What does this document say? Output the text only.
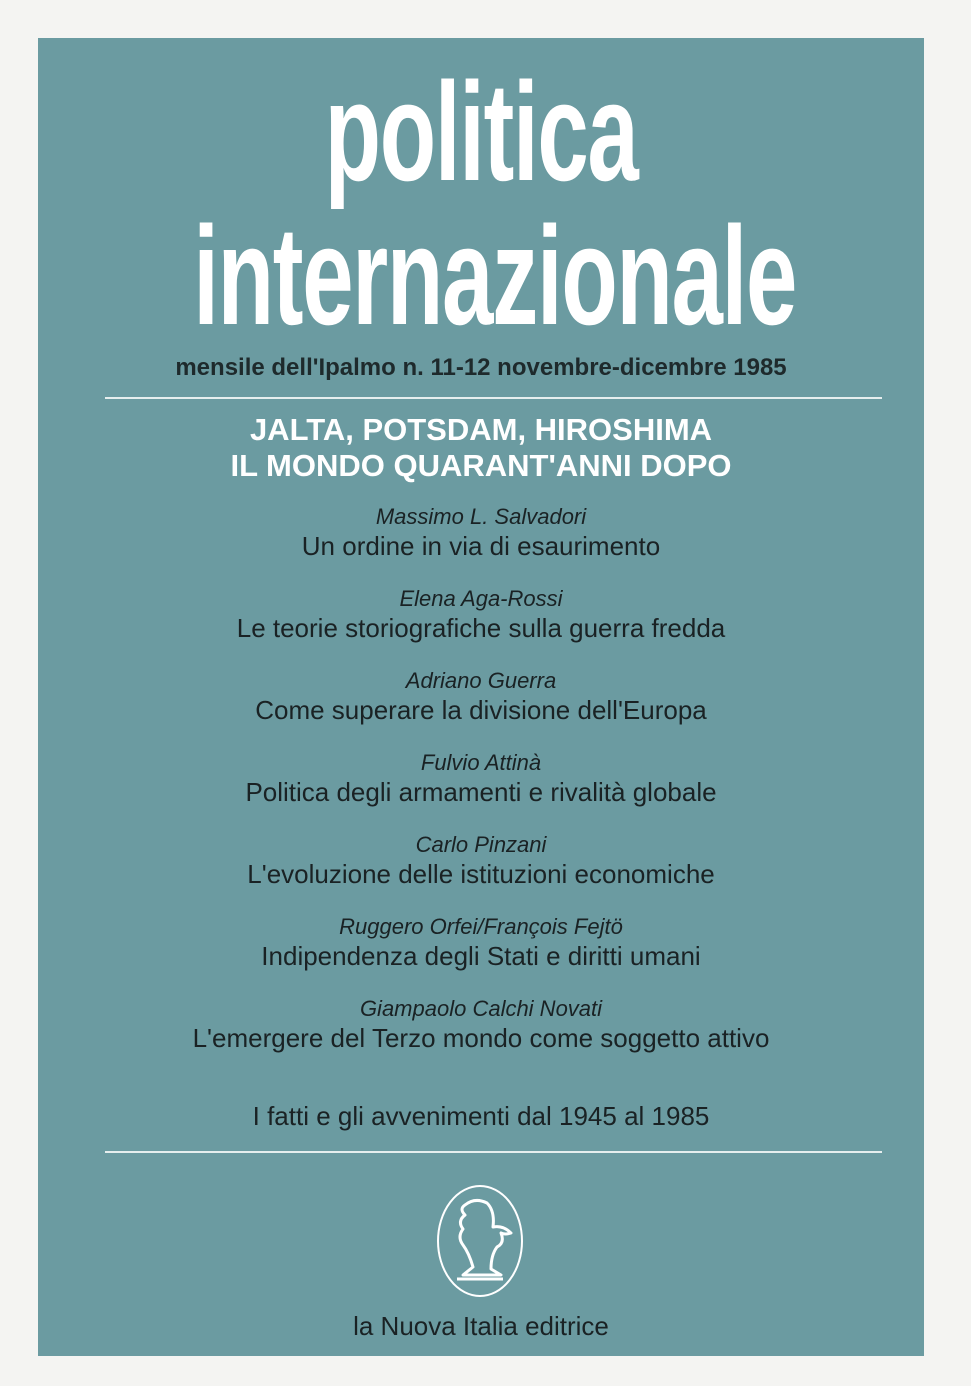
politica
internazionale
mensile dell'Ipalmo n. 11-12 novembre-dicembre 1985
JALTA, POTSDAM, HIROSHIMA
IL MONDO QUARANT'ANNI DOPO
Massimo L. Salvadori
Un ordine in via di esaurimento
Elena Aga-Rossi
Le teorie storiografiche sulla guerra fredda
Adriano Guerra
Come superare la divisione dell'Europa
Fulvio Attinà
Politica degli armamenti e rivalità globale
Carlo Pinzani
L'evoluzione delle istituzioni economiche
Ruggero Orfei/François Fejtö
Indipendenza degli Stati e diritti umani
Giampaolo Calchi Novati
L'emergere del Terzo mondo come soggetto attivo
I fatti e gli avvenimenti dal 1945 al 1985
la Nuova Italia editrice
